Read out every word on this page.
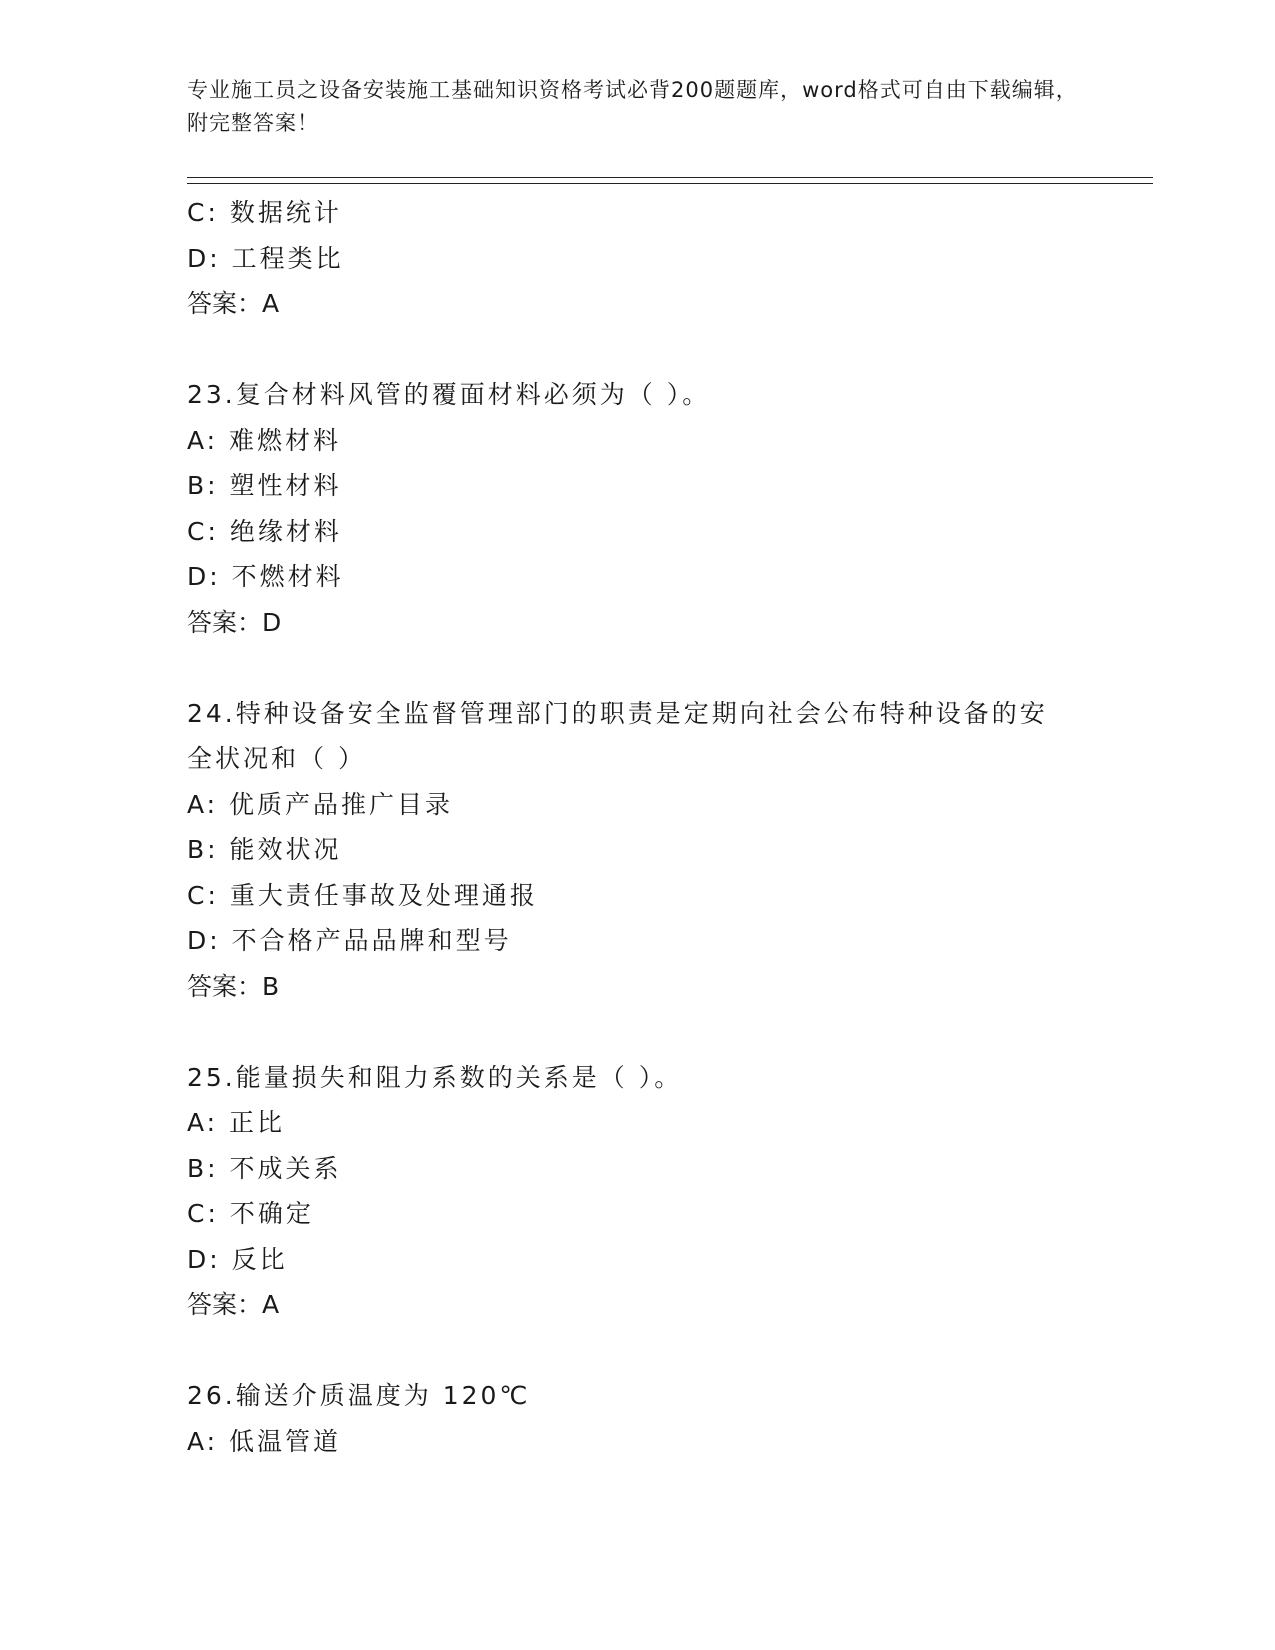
专业施工员之设备安装施工基础知识资格考试必背200题题库，word格式可自由下载编辑，附完整答案！
C: 数据统计
D: 工程类比
答案：A
23.复合材料风管的覆面材料必须为（ ）。
A: 难燃材料
B: 塑性材料
C: 绝缘材料
D: 不燃材料
答案：D
24.特种设备安全监督管理部门的职责是定期向社会公布特种设备的安全状况和（ ）
A: 优质产品推广目录
B: 能效状况
C: 重大责任事故及处理通报
D: 不合格产品品牌和型号
答案：B
25.能量损失和阻力系数的关系是（ ）。
A: 正比
B: 不成关系
C: 不确定
D: 反比
答案：A
26.输送介质温度为 120℃
A: 低温管道
